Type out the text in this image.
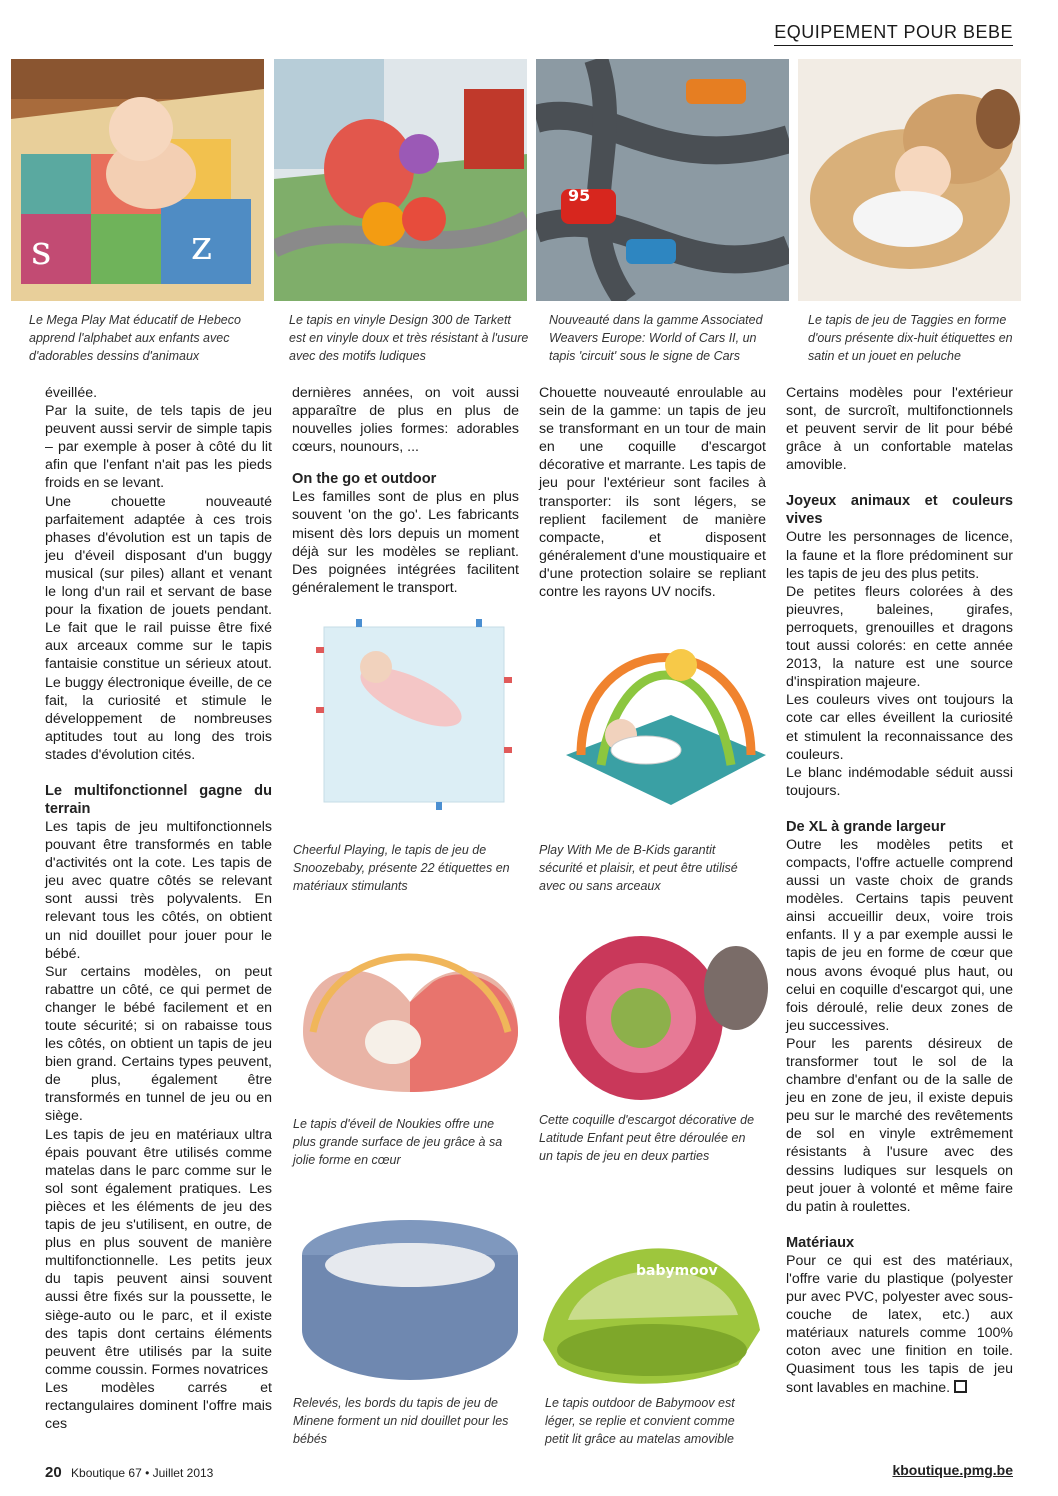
EQUIPEMENT POUR BEBE
s	z
95
Le Mega Play Mat éducatif de Hebeco apprend l'alphabet aux enfants avec d'adorables dessins d'animaux
Le tapis en vinyle Design 300 de Tarkett est en vinyle doux et très résistant à l'usure avec des motifs ludiques
Nouveauté dans la gamme Associated Weavers Europe: World of Cars II, un tapis 'circuit' sous le signe de Cars
Le tapis de jeu de Taggies en forme d'ours présente dix-huit étiquettes en satin et un jouet en peluche

éveillée.

Par la suite, de tels tapis de jeu peuvent aussi servir de simple tapis – par exemple à poser à côté du lit afin que l'enfant n'ait pas les pieds froids en se levant.

Une chouette nouveauté parfaitement adaptée à ces trois phases d'évolution est un tapis de jeu d'éveil disposant d'un buggy musical (sur piles) allant et venant le long d'un rail et servant de base pour la fixation de jouets pendant. Le fait que le rail puisse être fixé aux arceaux comme sur le tapis fantaisie constitue un sérieux atout. Le buggy électronique éveille, de ce fait, la curiosité et stimule le développement de nombreuses aptitudes tout au long des trois stades d'évolution cités.

Le multifonctionnel gagne du terrain

Les tapis de jeu multifonctionnels pouvant être transformés en table d'activités ont la cote. Les tapis de jeu avec quatre côtés se relevant sont aussi très polyvalents. En relevant tous les côtés, on obtient un nid douillet pour jouer pour le bébé.

Sur certains modèles, on peut rabattre un côté, ce qui permet de changer le bébé facilement et en toute sécurité; si on rabaisse tous les côtés, on obtient un tapis de jeu bien grand. Certains types peuvent, de plus, également être transformés en tunnel de jeu ou en siège.

Les tapis de jeu en matériaux ultra épais pouvant être utilisés comme matelas dans le parc comme sur le sol sont également pratiques. Les pièces et les éléments de jeu des tapis de jeu s'utilisent, en outre, de plus en plus souvent de manière multifonctionnelle. Les petits jeux du tapis peuvent ainsi souvent aussi être fixés sur la poussette, le siège-auto ou le parc, et il existe des tapis dont certains éléments peuvent être utilisés par la suite comme coussin. Formes novatrices

Les modèles carrés et rectangulaires dominent l'offre mais ces

dernières années, on voit aussi apparaître de plus en plus de nouvelles jolies formes: adorables cœurs, nounours, ...

On the go et outdoor

Les familles sont de plus en plus souvent 'on the go'. Les fabricants misent dès lors depuis un moment déjà sur les modèles se repliant. Des poignées intégrées facilitent généralement le transport.

Chouette nouveauté enroulable au sein de la gamme: un tapis de jeu se transformant en un tour de main en une coquille d'escargot décorative et marrante. Les tapis de jeu pour l'extérieur sont faciles à transporter: ils sont légers, se replient facilement de manière compacte, et disposent généralement d'une moustiquaire et d'une protection solaire se repliant contre les rayons UV nocifs.

Certains modèles pour l'extérieur sont, de surcroît, multifonctionnels et peuvent servir de lit pour bébé grâce à un confortable matelas amovible.

Joyeux animaux et couleurs vives

Outre les personnages de licence, la faune et la flore prédominent sur les tapis de jeu des plus petits.

De petites fleurs colorées à des pieuvres, baleines, girafes, perroquets, grenouilles et dragons tout aussi colorés: en cette année 2013, la nature est une source d'inspiration majeure.

Les couleurs vives ont toujours la cote car elles éveillent la curiosité et stimulent la reconnaissance des couleurs.

Le blanc indémodable séduit aussi toujours.

De XL à grande largeur

Outre les modèles petits et compacts, l'offre actuelle comprend aussi un vaste choix de grands modèles. Certains tapis peuvent ainsi accueillir deux, voire trois enfants. Il y a par exemple aussi le tapis de jeu en forme de cœur que nous avons évoqué plus haut, ou celui en coquille d'escargot qui, une fois déroulé, relie deux zones de jeu successives.

Pour les parents désireux de transformer tout le sol de la chambre d'enfant ou de la salle de jeu en zone de jeu, il existe depuis peu sur le marché des revêtements de sol en vinyle extrêmement résistants à l'usure avec des dessins ludiques sur lesquels on peut jouer à volonté et même faire du patin à roulettes.

Matériaux

Pour ce qui est des matériaux, l'offre varie du plastique (polyester pur avec PVC, polyester avec sous-couche de latex, etc.) aux matériaux naturels comme 100% coton avec une finition en toile. Quasiment tous les tapis de jeu sont lavables en machine.

Cheerful Playing, le tapis de jeu de Snoozebaby, présente 22 étiquettes en matériaux stimulants
Play With Me de B-Kids garantit sécurité et plaisir, et peut être utilisé avec ou sans arceaux
Le tapis d'éveil de Noukies offre une plus grande surface de jeu grâce à sa jolie forme en cœur
Cette coquille d'escargot décorative de Latitude Enfant peut être déroulée en un tapis de jeu en deux parties
babymoov
Relevés, les bords du tapis de jeu de Minene forment un nid douillet pour les bébés
Le tapis outdoor de Babymoov est léger, se replie et convient comme petit lit grâce au matelas amovible
20 Kboutique 67 • Juillet 2013	kboutique.pmg.be
